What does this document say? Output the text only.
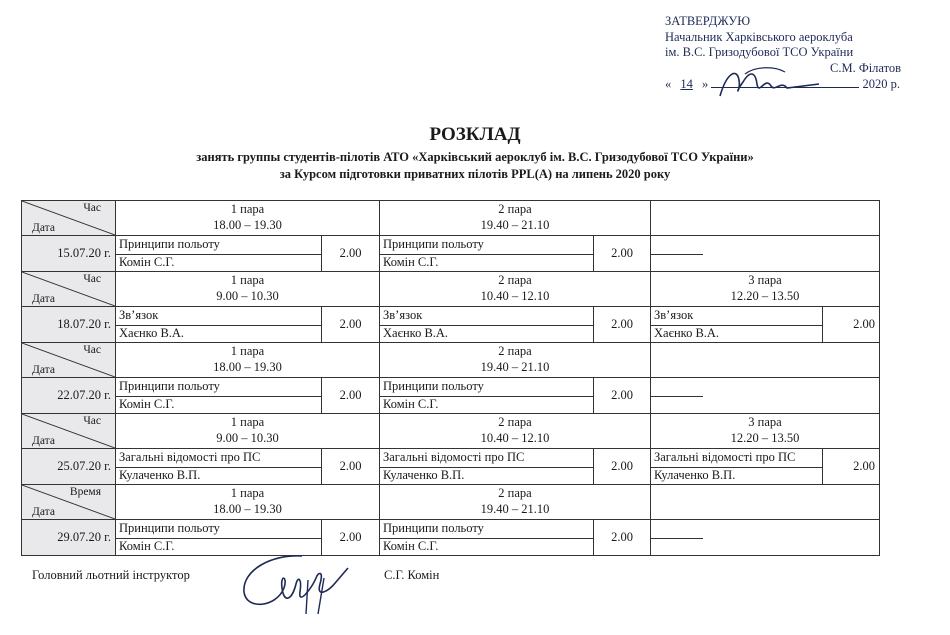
ЗАТВЕРДЖУЮ
Начальник Харківського аероклуба
ім. В.С. Гризодубової ТСО України
С.М. Філатов
« 14 »	2020 р.
РОЗКЛАД
занять группы студентів-пілотів АТО «Харківський аероклуб ім. В.С. Гризодубової ТСО України»
за Курсом підготовки приватних пілотів PPL(A) на липень 2020 року
Час
Дата
1 пара
18.00 – 19.30
2 пара
19.40 – 21.10
15.07.20 г.
Принципи польоту
Комін С.Г.
2.00
Принципи польоту
Комін С.Г.
2.00
Час
Дата
1 пара
9.00 – 10.30
2 пара
10.40 – 12.10
3 пара
12.20 – 13.50
18.07.20 г.
Зв’язок
Хаєнко В.А.
2.00
Зв’язок
Хаєнко В.А.
2.00
Зв’язок
Хаєнко В.А.
2.00
Час
Дата
1 пара
18.00 – 19.30
2 пара
19.40 – 21.10
22.07.20 г.
Принципи польоту
Комін С.Г.
2.00
Принципи польоту
Комін С.Г.
2.00
Час
Дата
1 пара
9.00 – 10.30
2 пара
10.40 – 12.10
3 пара
12.20 – 13.50
25.07.20 г.
Загальні відомості про ПС
Кулаченко В.П.
2.00
Загальні відомості про ПС
Кулаченко В.П.
2.00
Загальні відомості про ПС
Кулаченко В.П.
2.00
Время
Дата
1 пара
18.00 – 19.30
2 пара
19.40 – 21.10
29.07.20 г.
Принципи польоту
Комін С.Г.
2.00
Принципи польоту
Комін С.Г.
2.00
Головний льотний інструктор	С.Г. Комін
